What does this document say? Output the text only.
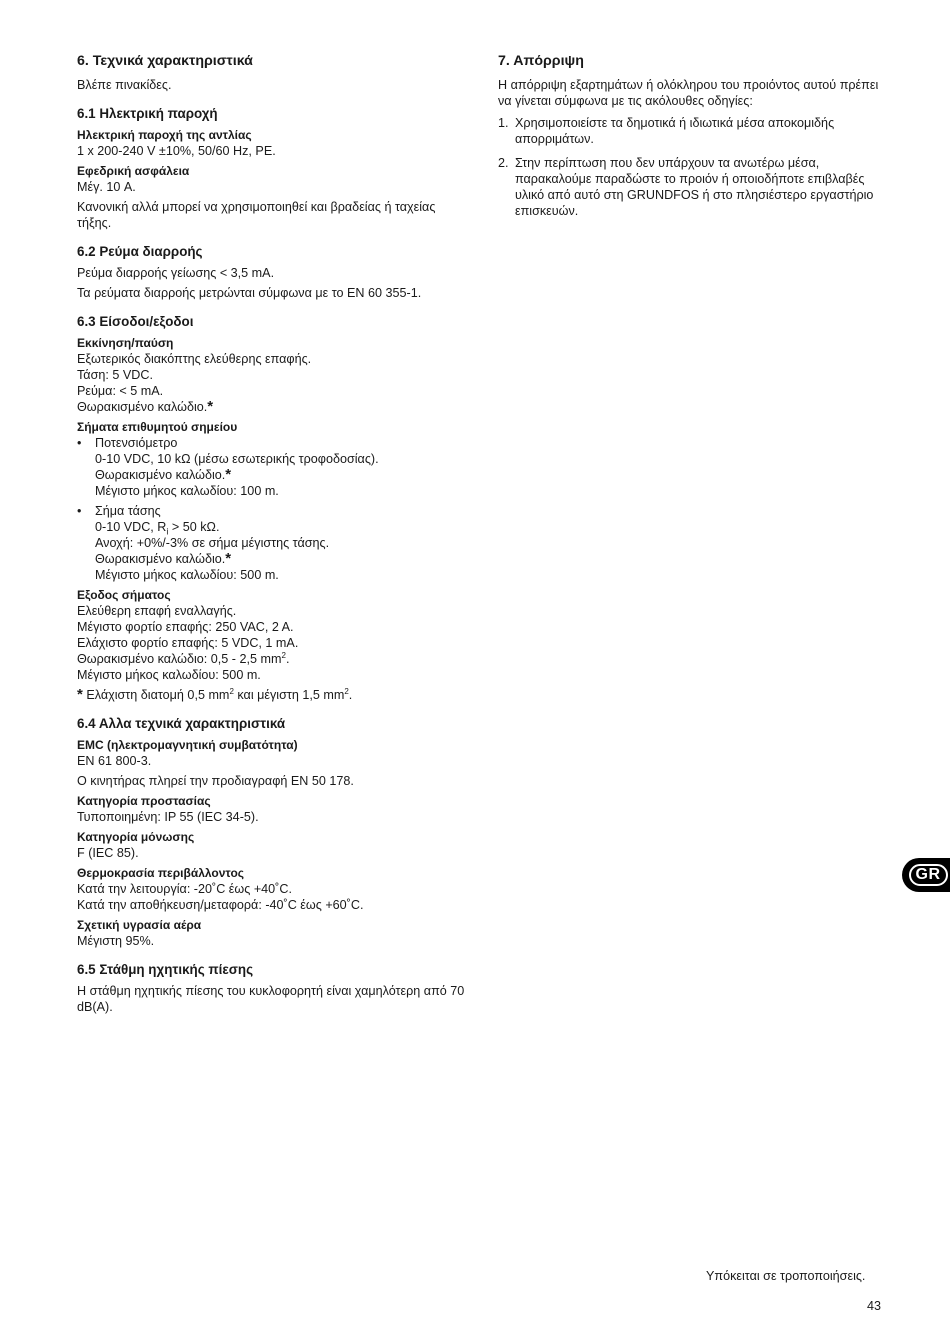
6. Τεχνικά χαρακτηριστικά

Βλέπε πινακίδες.

6.1 Ηλεκτρική παροχή
Ηλεκτρική παροχή της αντλίας

1 x 200-240 V ±10%, 50/60 Hz, PE.

Εφεδρική ασφάλεια

Μέγ. 10 A.

Κανονική αλλά μπορεί να χρησιμοποιηθεί και βραδείας ή ταχείας τήξης.

6.2 Ρεύμα διαρροής

Ρεύμα διαρροής γείωσης < 3,5 mA.

Τα ρεύματα διαρροής μετρώνται σύμφωνα με το EN 60 355-1.

6.3 Είσοδοι/εξοδοι
Εκκίνηση/παύση

Εξωτερικός διακόπτης ελεύθερης επαφής.

Τάση: 5 VDC.

Ρεύμα: < 5 mA.

Θωρακισμένο καλώδιο.*

Σήματα επιθυμητού σημείου
• Ποτενσιόμετρο

0-10 VDC, 10 kΩ (μέσω εσωτερικής τροφοδοσίας).

Θωρακισμένο καλώδιο.*

Μέγιστο μήκος καλωδίου: 100 m.

• Σήμα τάσης

0-10 VDC, $R_i > 50$ kΩ.

Ανοχή: +0%/-3% σε σήμα μέγιστης τάσης.

Θωρακισμένο καλώδιο.*

Μέγιστο μήκος καλωδίου: 500 m.

Εξοδος σήματος

Ελεύθερη επαφή εναλλαγής.

Μέγιστο φορτίο επαφής: 250 VAC, 2 A.

Ελάχιστο φορτίο επαφής: 5 VDC, 1 mA.

Θωρακισμένο καλώδιο: 0,5 - 2,5 $mm^2$.

Μέγιστο μήκος καλωδίου: 500 m.

* Ελάχιστη διατομή 0,5 $mm^2$ και μέγιστη 1,5 $mm^2$.

6.4 Αλλα τεχνικά χαρακτηριστικά
EMC (ηλεκτρομαγνητική συμβατότητα)

EN 61 800-3.

Ο κινητήρας πληρεί την προδιαγραφή EN 50 178.

Κατηγορία προστασίας

Τυποποιημένη: IP 55 (IEC 34-5).

Κατηγορία μόνωσης

F (IEC 85).

Θερμοκρασία περιβάλλοντος

Κατά την λειτουργία: -20˚C έως +40˚C.

Κατά την αποθήκευση/μεταφορά: -40˚C έως +60˚C.

Σχετική υγρασία αέρα

Μέγιστη 95%.

6.5 Στάθμη ηχητικής πίεσης

Η στάθμη ηχητικής πίεσης του κυκλοφορητή είναι χαμηλότερη από 70 dB(A).

7. Απόρριψη

Η απόρριψη εξαρτημάτων ή ολόκληρου του προιόντος αυτού πρέπει να γίνεται σύμφωνα με τις ακόλουθες οδηγίες:

1. Χρησιμοποιείστε τα δημοτικά ή ιδιωτικά μέσα αποκομιδής απορριμάτων.
2. Στην περίπτωση που δεν υπάρχουν τα ανωτέρω μέσα, παρακαλούμε παραδώστε το προιόν ή οποιοδήποτε επιβλαβές υλικό από αυτό στη GRUNDFOS ή στο πλησιέστερο εργαστήριο επισκευών.
GR
Υπόκειται σε τροποποιήσεις.
43
